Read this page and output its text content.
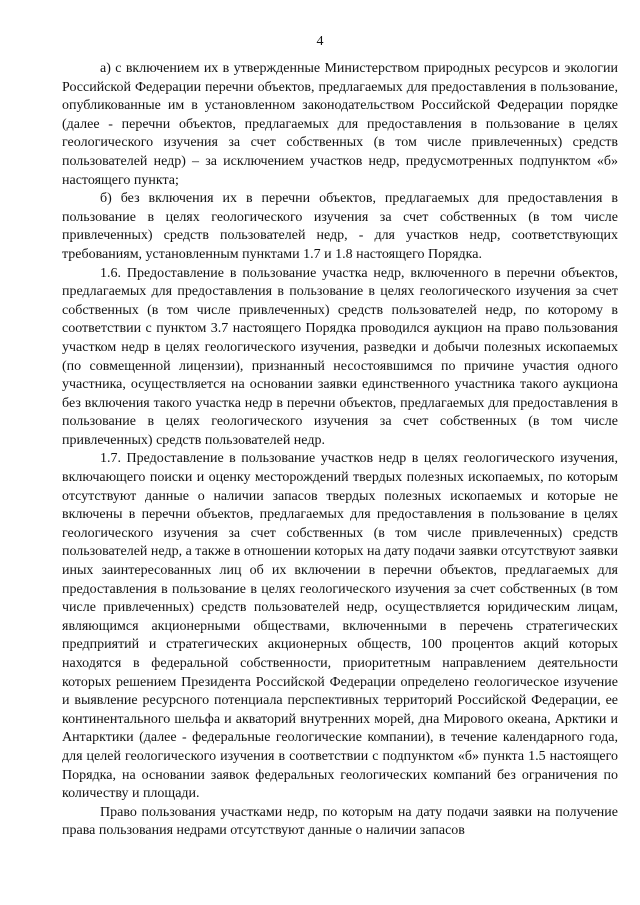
4

а) с включением их в утвержденные Министерством природных ресурсов и экологии Российской Федерации перечни объектов, предлагаемых для предоставления в пользование, опубликованные им в установленном законодательством Российской Федерации порядке (далее - перечни объектов, предлагаемых для предоставления в пользование в целях геологического изучения за счет собственных (в том числе привлеченных) средств пользователей недр) – за исключением участков недр, предусмотренных подпунктом «б» настоящего пункта;

б) без включения их в перечни объектов, предлагаемых для предоставления в пользование в целях геологического изучения за счет собственных (в том числе привлеченных) средств пользователей недр, - для участков недр, соответствующих требованиям, установленным пунктами 1.7 и 1.8 настоящего Порядка.

1.6. Предоставление в пользование участка недр, включенного в перечни объектов, предлагаемых для предоставления в пользование в целях геологического изучения за счет собственных (в том числе привлеченных) средств пользователей недр, по которому в соответствии с пунктом 3.7 настоящего Порядка проводился аукцион на право пользования участком недр в целях геологического изучения, разведки и добычи полезных ископаемых (по совмещенной лицензии), признанный несостоявшимся по причине участия одного участника, осуществляется на основании заявки единственного участника такого аукциона без включения такого участка недр в перечни объектов, предлагаемых для предоставления в пользование в целях геологического изучения за счет собственных (в том числе привлеченных) средств пользователей недр.

1.7. Предоставление в пользование участков недр в целях геологического изучения, включающего поиски и оценку месторождений твердых полезных ископаемых, по которым отсутствуют данные о наличии запасов твердых полезных ископаемых и которые не включены в перечни объектов, предлагаемых для предоставления в пользование в целях геологического изучения за счет собственных (в том числе привлеченных) средств пользователей недр, а также в отношении которых на дату подачи заявки отсутствуют заявки иных заинтересованных лиц об их включении в перечни объектов, предлагаемых для предоставления в пользование в целях геологического изучения за счет собственных (в том числе привлеченных) средств пользователей недр, осуществляется юридическим лицам, являющимся акционерными обществами, включенными в перечень стратегических предприятий и стратегических акционерных обществ, 100 процентов акций которых находятся в федеральной собственности, приоритетным направлением деятельности которых решением Президента Российской Федерации определено геологическое изучение и выявление ресурсного потенциала перспективных территорий Российской Федерации, ее континентального шельфа и акваторий внутренних морей, дна Мирового океана, Арктики и Антарктики (далее - федеральные геологические компании), в течение календарного года, для целей геологического изучения в соответствии с подпунктом «б» пункта 1.5 настоящего Порядка, на основании заявок федеральных геологических компаний без ограничения по количеству и площади.

Право пользования участками недр, по которым на дату подачи заявки на получение права пользования недрами отсутствуют данные о наличии запасов
